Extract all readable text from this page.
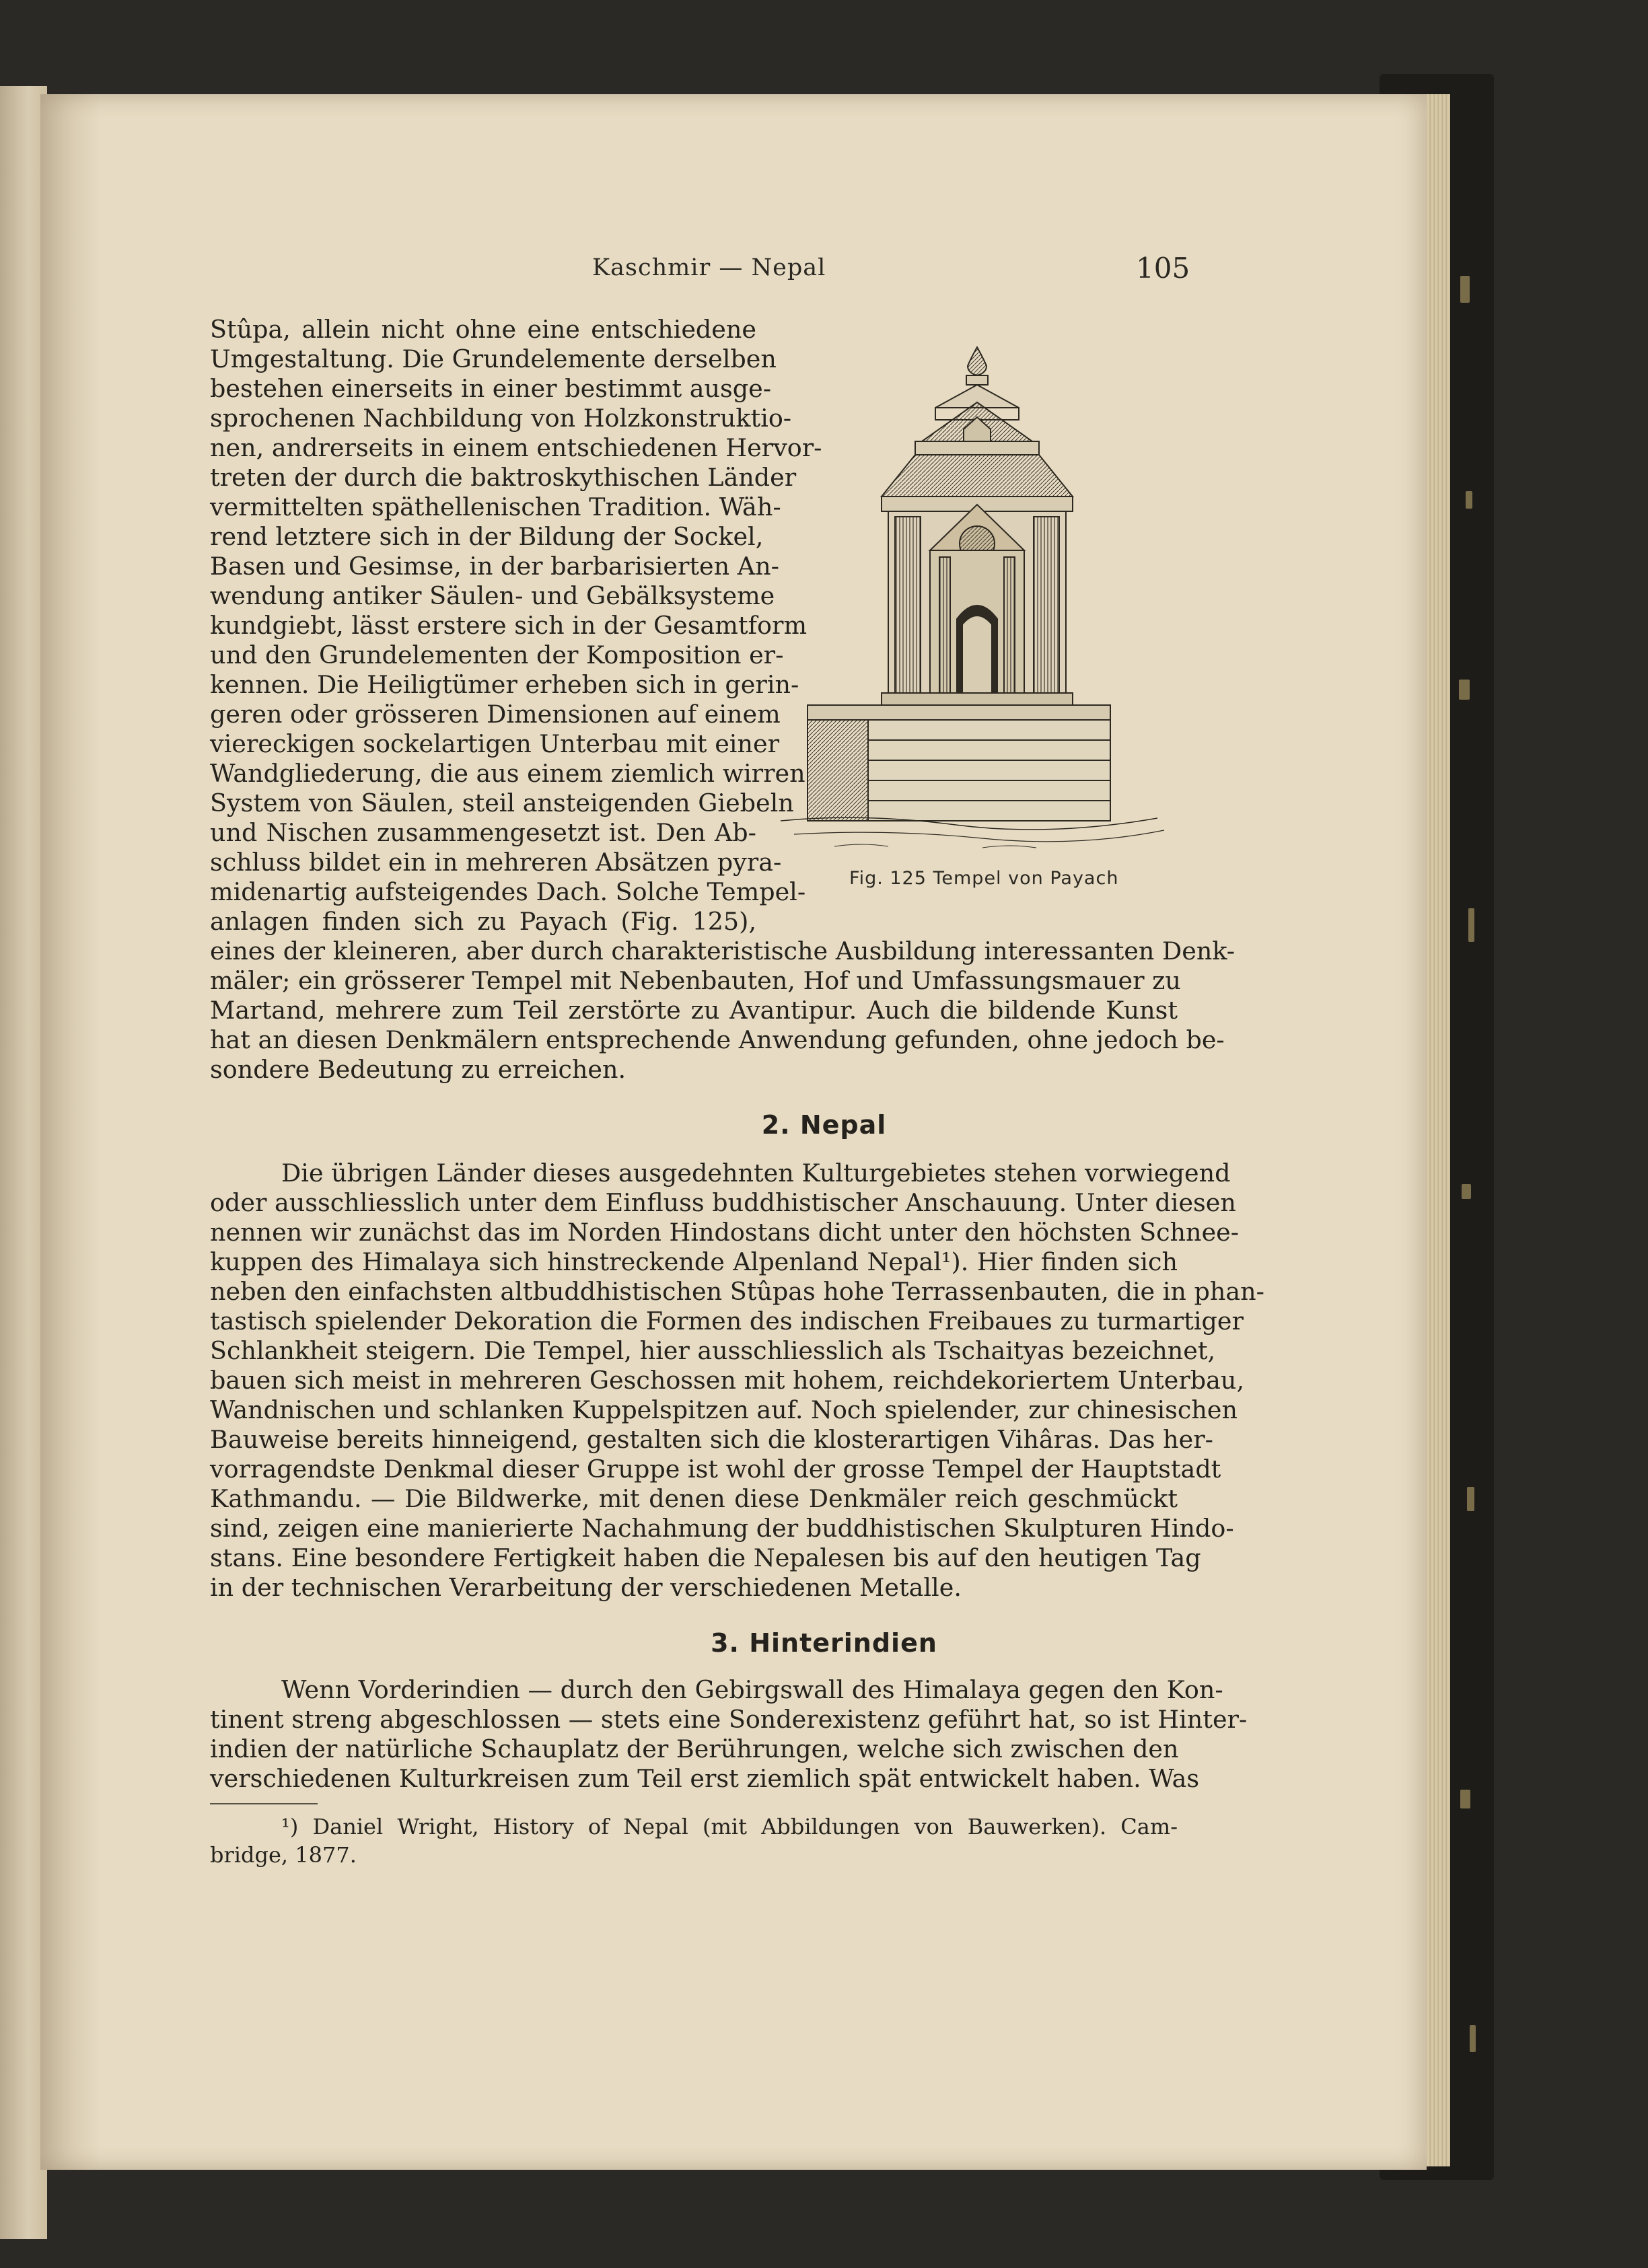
Kaschmir — Nepal	105
Stûpa, allein nicht ohne eine entschiedene
Umgestaltung. Die Grundelemente derselben
bestehen einerseits in einer bestimmt ausge-
sprochenen Nachbildung von Holzkonstruktio-
nen, andrerseits in einem entschiedenen Hervor-
treten der durch die baktroskythischen Länder
vermittelten späthellenischen Tradition. Wäh-
rend letztere sich in der Bildung der Sockel,
Basen und Gesimse, in der barbarisierten An-
wendung antiker Säulen- und Gebälksysteme
kundgiebt, lässt erstere sich in der Gesamtform
und den Grundelementen der Komposition er-
kennen. Die Heiligtümer erheben sich in gerin-
geren oder grösseren Dimensionen auf einem
viereckigen sockelartigen Unterbau mit einer
Wandgliederung, die aus einem ziemlich wirren
System von Säulen, steil ansteigenden Giebeln
und Nischen zusammengesetzt ist. Den Ab-
schluss bildet ein in mehreren Absätzen pyra-
midenartig aufsteigendes Dach. Solche Tempel-
anlagen finden sich zu Payach (Fig. 125),
Fig. 125 Tempel von Payach
eines der kleineren, aber durch charakteristische Ausbildung interessanten Denk-
mäler; ein grösserer Tempel mit Nebenbauten, Hof und Umfassungsmauer zu
Martand, mehrere zum Teil zerstörte zu Avantipur. Auch die bildende Kunst
hat an diesen Denkmälern entsprechende Anwendung gefunden, ohne jedoch be-
sondere Bedeutung zu erreichen.
2. Nepal
Die übrigen Länder dieses ausgedehnten Kulturgebietes stehen vorwiegend
oder ausschliesslich unter dem Einfluss buddhistischer Anschauung. Unter diesen
nennen wir zunächst das im Norden Hindostans dicht unter den höchsten Schnee-
kuppen des Himalaya sich hinstreckende Alpenland Nepal¹). Hier finden sich
neben den einfachsten altbuddhistischen Stûpas hohe Terrassenbauten, die in phan-
tastisch spielender Dekoration die Formen des indischen Freibaues zu turmartiger
Schlankheit steigern. Die Tempel, hier ausschliesslich als Tschaityas bezeichnet,
bauen sich meist in mehreren Geschossen mit hohem, reichdekoriertem Unterbau,
Wandnischen und schlanken Kuppelspitzen auf. Noch spielender, zur chinesischen
Bauweise bereits hinneigend, gestalten sich die klosterartigen Vihâras. Das her-
vorragendste Denkmal dieser Gruppe ist wohl der grosse Tempel der Hauptstadt
Kathmandu. — Die Bildwerke, mit denen diese Denkmäler reich geschmückt
sind, zeigen eine manierierte Nachahmung der buddhistischen Skulpturen Hindo-
stans. Eine besondere Fertigkeit haben die Nepalesen bis auf den heutigen Tag
in der technischen Verarbeitung der verschiedenen Metalle.
3. Hinterindien
Wenn Vorderindien — durch den Gebirgswall des Himalaya gegen den Kon-
tinent streng abgeschlossen — stets eine Sonderexistenz geführt hat, so ist Hinter-
indien der natürliche Schauplatz der Berührungen, welche sich zwischen den
verschiedenen Kulturkreisen zum Teil erst ziemlich spät entwickelt haben. Was
¹) Daniel Wright, History of Nepal (mit Abbildungen von Bauwerken). Cam-
bridge, 1877.
